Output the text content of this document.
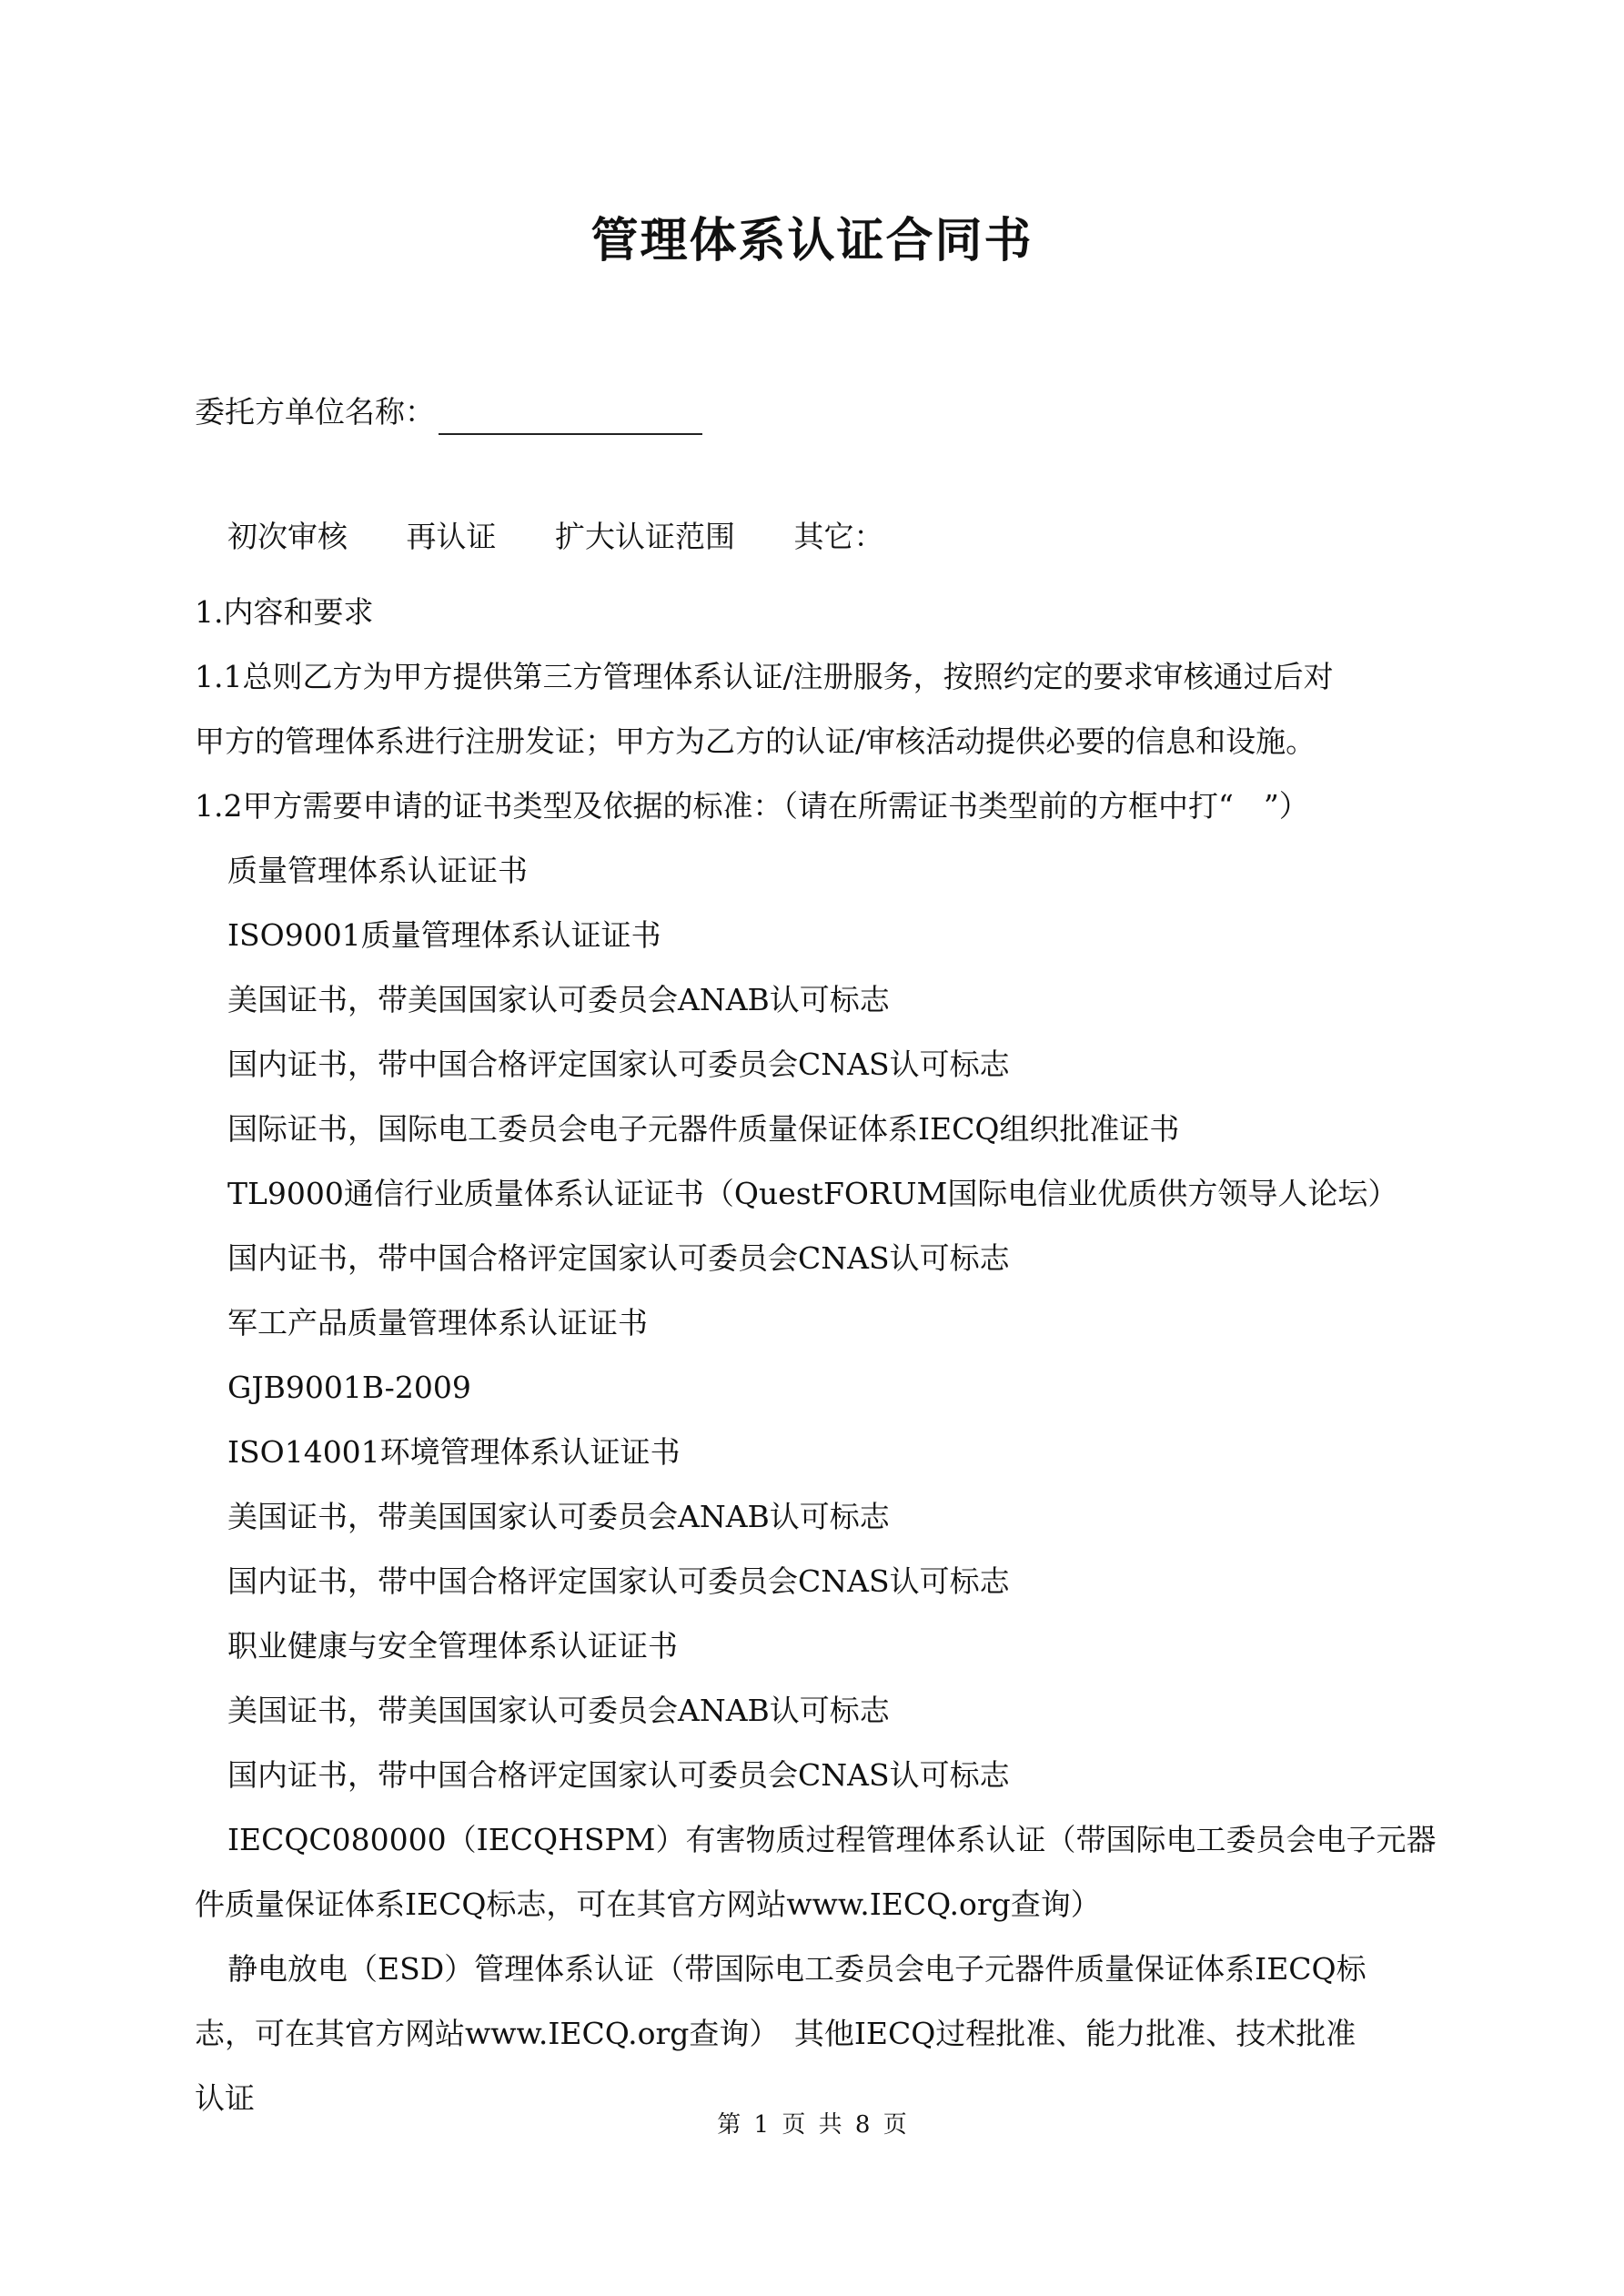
管理体系认证合同书
委托方单位名称：
初次审核 再认证 扩大认证范围 其它：
1.内容和要求
1.1总则乙方为甲方提供第三方管理体系认证/注册服务，按照约定的要求审核通过后对
甲方的管理体系进行注册发证；甲方为乙方的认证/审核活动提供必要的信息和设施。
1.2甲方需要申请的证书类型及依据的标准：（请在所需证书类型前的方框中打“　”）
质量管理体系认证证书
ISO9001质量管理体系认证证书
美国证书，带美国国家认可委员会ANAB认可标志
国内证书，带中国合格评定国家认可委员会CNAS认可标志
国际证书，国际电工委员会电子元器件质量保证体系IECQ组织批准证书
TL9000通信行业质量体系认证证书（QuestFORUM国际电信业优质供方领导人论坛）
国内证书，带中国合格评定国家认可委员会CNAS认可标志
军工产品质量管理体系认证证书
GJB9001B-2009
ISO14001环境管理体系认证证书
美国证书，带美国国家认可委员会ANAB认可标志
国内证书，带中国合格评定国家认可委员会CNAS认可标志
职业健康与安全管理体系认证证书
美国证书，带美国国家认可委员会ANAB认可标志
国内证书，带中国合格评定国家认可委员会CNAS认可标志
IECQC080000（IECQHSPM）有害物质过程管理体系认证（带国际电工委员会电子元器
件质量保证体系IECQ标志，可在其官方网站www.IECQ.org查询）
静电放电（ESD）管理体系认证（带国际电工委员会电子元器件质量保证体系IECQ标
志，可在其官方网站www.IECQ.org查询）　其他IECQ过程批准、能力批准、技术批准
认证
第 1 页 共 8 页
